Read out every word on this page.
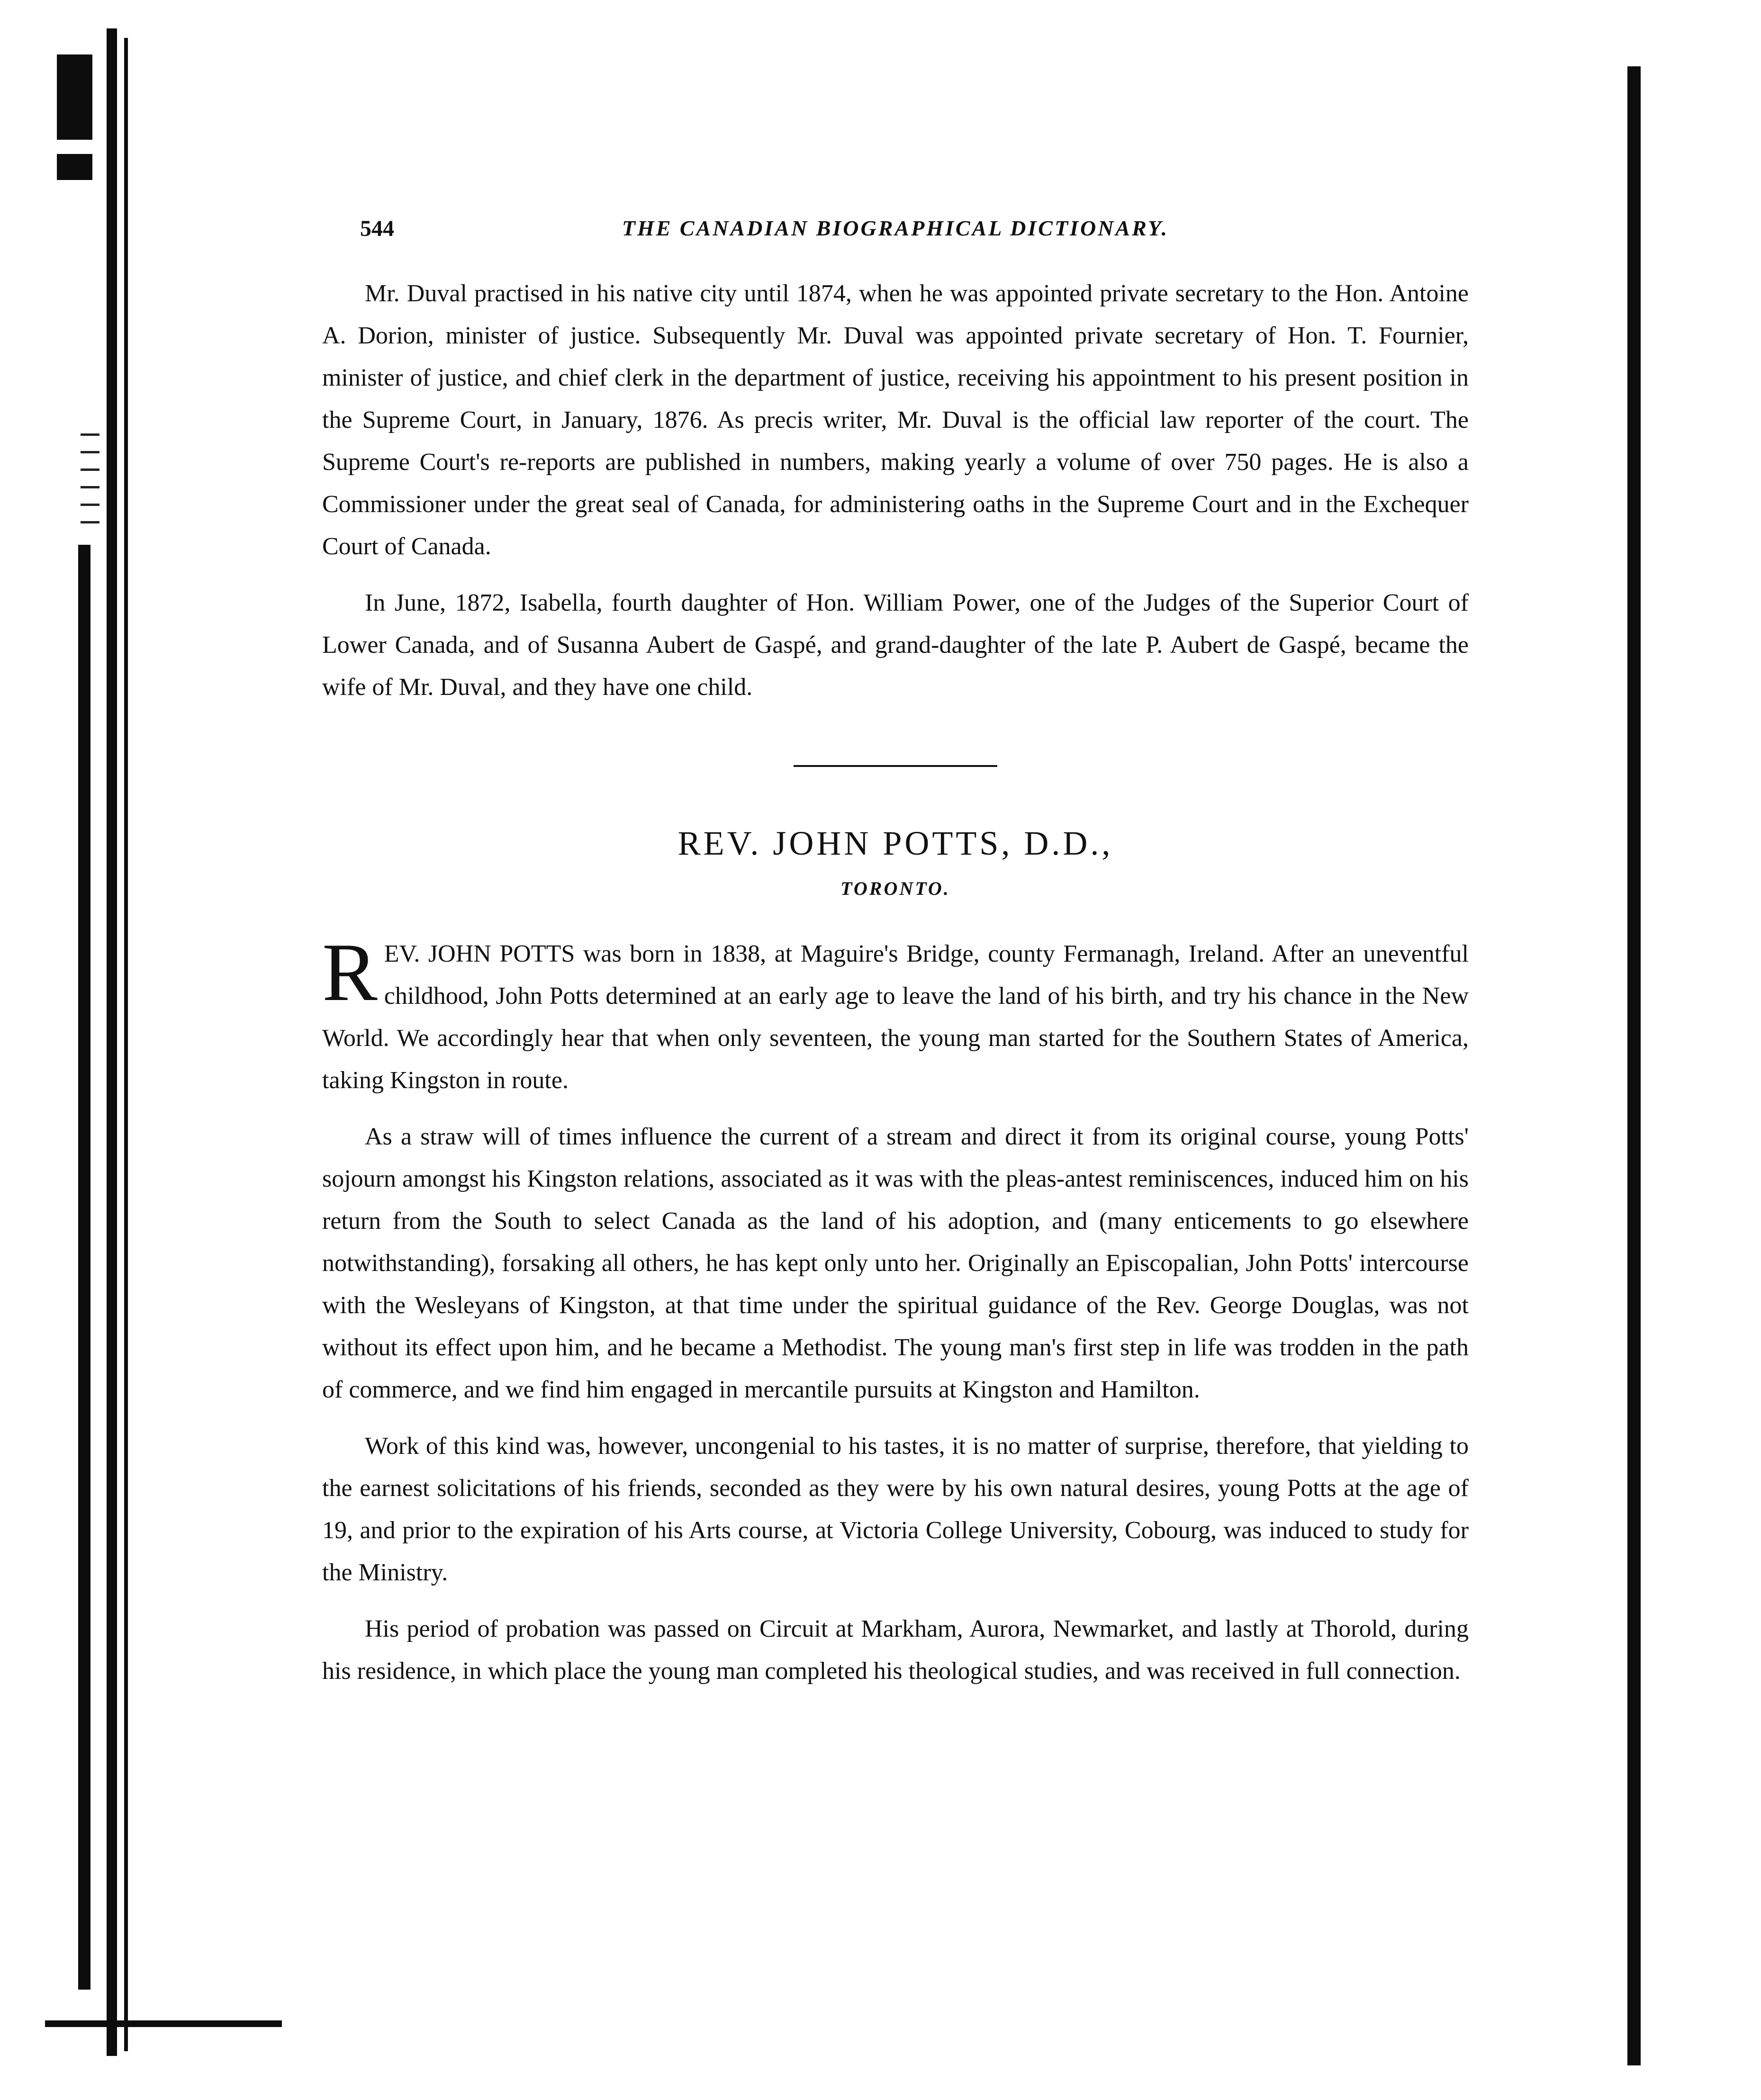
544	THE CANADIAN BIOGRAPHICAL DICTIONARY.

Mr. Duval practised in his native city until 1874, when he was appointed private secretary to the Hon. Antoine A. Dorion, minister of justice. Subsequently Mr. Duval was appointed private secretary of Hon. T. Fournier, minister of justice, and chief clerk in the department of justice, receiving his appointment to his present position in the Supreme Court, in January, 1876. As precis writer, Mr. Duval is the official law reporter of the court. The Supreme Court's re-reports are published in numbers, making yearly a volume of over 750 pages. He is also a Commissioner under the great seal of Canada, for administering oaths in the Supreme Court and in the Exchequer Court of Canada.

In June, 1872, Isabella, fourth daughter of Hon. William Power, one of the Judges of the Superior Court of Lower Canada, and of Susanna Aubert de Gaspé, and grand-daughter of the late P. Aubert de Gaspé, became the wife of Mr. Duval, and they have one child.

REV. JOHN POTTS, D.D.,
TORONTO.

REV. JOHN POTTS was born in 1838, at Maguire's Bridge, county Fermanagh, Ireland. After an uneventful childhood, John Potts determined at an early age to leave the land of his birth, and try his chance in the New World. We accordingly hear that when only seventeen, the young man started for the Southern States of America, taking Kingston in route.

As a straw will of times influence the current of a stream and direct it from its original course, young Potts' sojourn amongst his Kingston relations, associated as it was with the pleas-antest reminiscences, induced him on his return from the South to select Canada as the land of his adoption, and (many enticements to go elsewhere notwithstanding), forsaking all others, he has kept only unto her. Originally an Episcopalian, John Potts' intercourse with the Wesleyans of Kingston, at that time under the spiritual guidance of the Rev. George Douglas, was not without its effect upon him, and he became a Methodist. The young man's first step in life was trodden in the path of commerce, and we find him engaged in mercantile pursuits at Kingston and Hamilton.

Work of this kind was, however, uncongenial to his tastes, it is no matter of surprise, therefore, that yielding to the earnest solicitations of his friends, seconded as they were by his own natural desires, young Potts at the age of 19, and prior to the expiration of his Arts course, at Victoria College University, Cobourg, was induced to study for the Ministry.

His period of probation was passed on Circuit at Markham, Aurora, Newmarket, and lastly at Thorold, during his residence, in which place the young man completed his theological studies, and was received in full connection.
